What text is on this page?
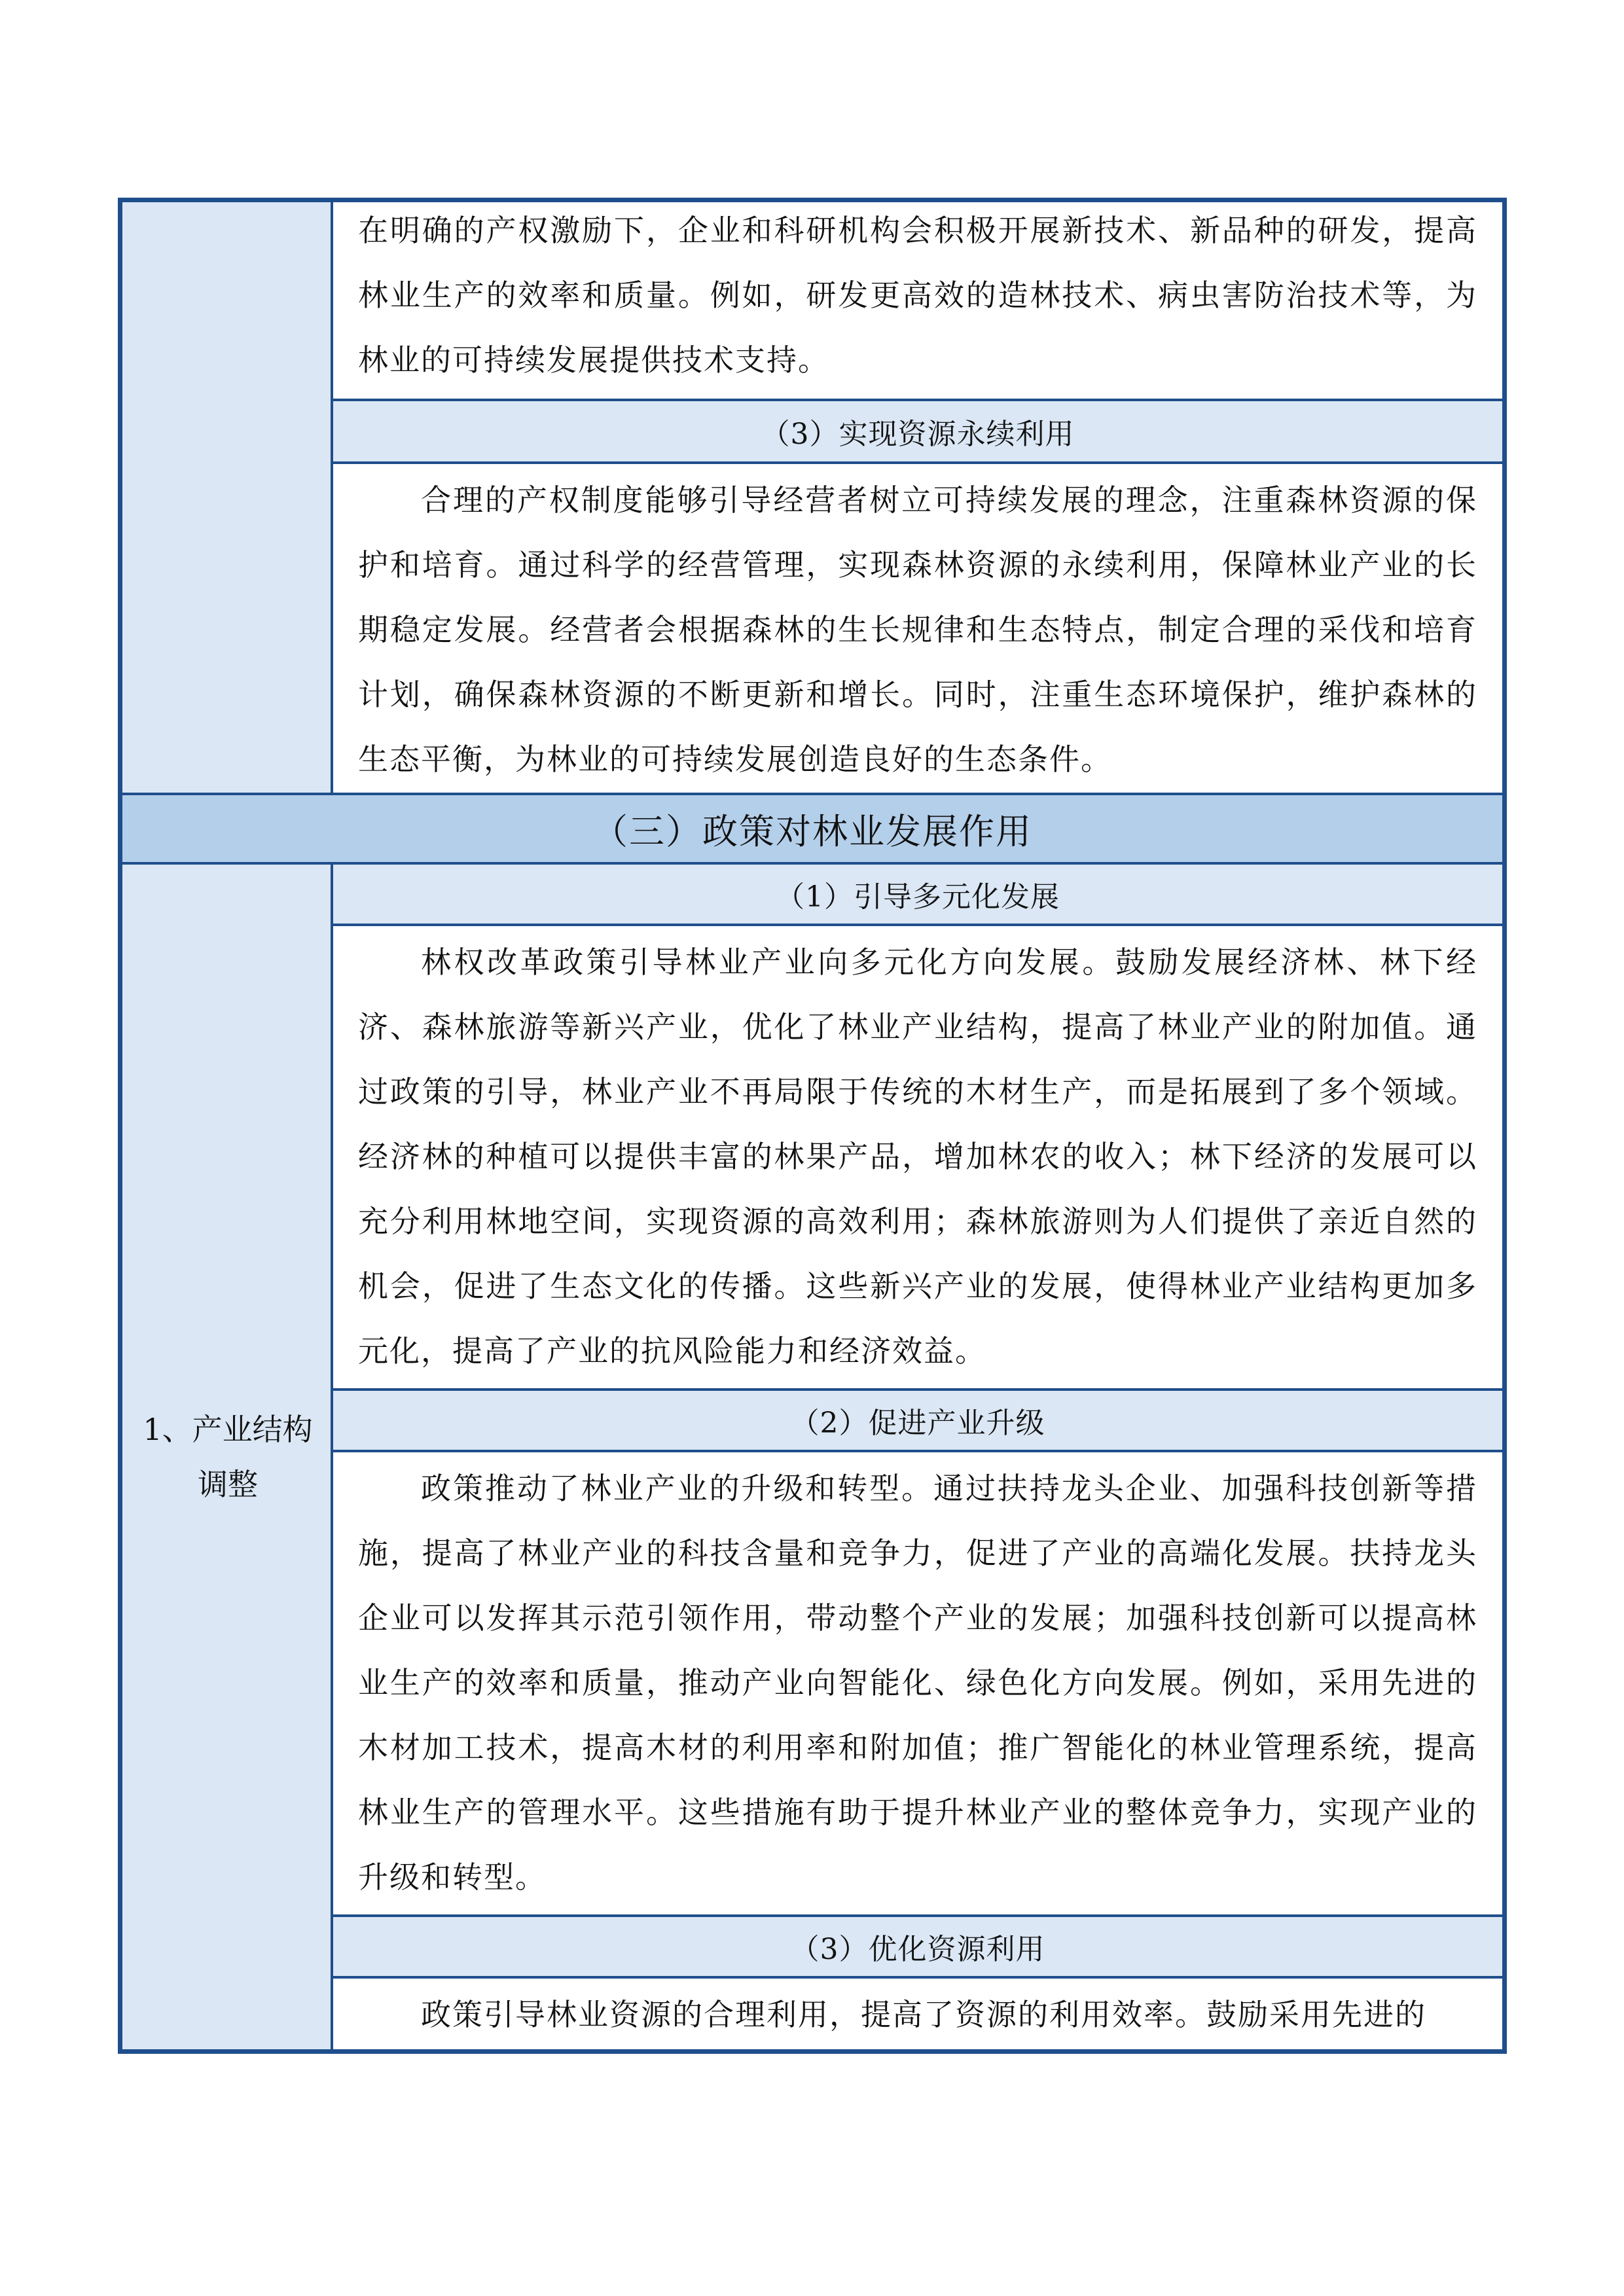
在明确的产权激励下，企业和科研机构会积极开展新技术、新品种的研发，提高林业生产的效率和质量。例如，研发更高效的造林技术、病虫害防治技术等，为林业的可持续发展提供技术支持。
（3）实现资源永续利用
合理的产权制度能够引导经营者树立可持续发展的理念，注重森林资源的保护和培育。通过科学的经营管理，实现森林资源的永续利用，保障林业产业的长期稳定发展。经营者会根据森林的生长规律和生态特点，制定合理的采伐和培育计划，确保森林资源的不断更新和增长。同时，注重生态环境保护，维护森林的生态平衡，为林业的可持续发展创造良好的生态条件。
（三）政策对林业发展作用
1、产业结构调整
（1）引导多元化发展
林权改革政策引导林业产业向多元化方向发展。鼓励发展经济林、林下经济、森林旅游等新兴产业，优化了林业产业结构，提高了林业产业的附加值。通过政策的引导，林业产业不再局限于传统的木材生产，而是拓展到了多个领域。经济林的种植可以提供丰富的林果产品，增加林农的收入；林下经济的发展可以充分利用林地空间，实现资源的高效利用；森林旅游则为人们提供了亲近自然的机会，促进了生态文化的传播。这些新兴产业的发展，使得林业产业结构更加多元化，提高了产业的抗风险能力和经济效益。
（2）促进产业升级
政策推动了林业产业的升级和转型。通过扶持龙头企业、加强科技创新等措施，提高了林业产业的科技含量和竞争力，促进了产业的高端化发展。扶持龙头企业可以发挥其示范引领作用，带动整个产业的发展；加强科技创新可以提高林业生产的效率和质量，推动产业向智能化、绿色化方向发展。例如，采用先进的木材加工技术，提高木材的利用率和附加值；推广智能化的林业管理系统，提高林业生产的管理水平。这些措施有助于提升林业产业的整体竞争力，实现产业的升级和转型。
（3）优化资源利用
政策引导林业资源的合理利用，提高了资源的利用效率。鼓励采用先进的
